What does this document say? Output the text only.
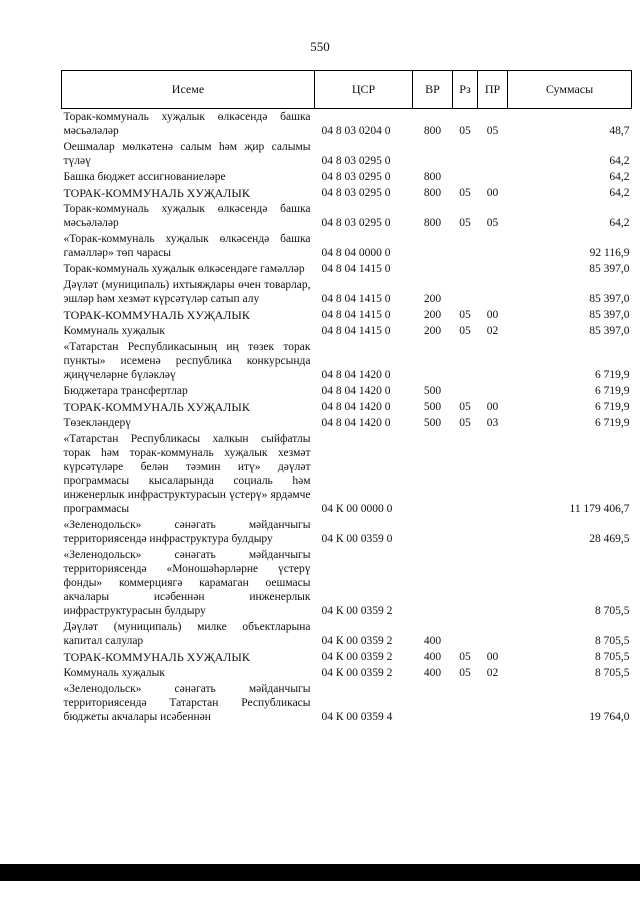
550
Исеме	ЦСР	ВР	Рз	ПР	Суммасы
Торак-коммуналь хуҗалык өлкәсендә башка мәсьәләләр	04 8 03 0204 0	800	05	05	48,7
Оешмалар мөлкәтенә салым һәм җир салымы түләү	04 8 03 0295 0				64,2
Башка бюджет ассигнованиеләре	04 8 03 0295 0	800			64,2
ТОРАК-КОММУНАЛЬ ХУҖАЛЫК	04 8 03 0295 0	800	05	00	64,2
Торак-коммуналь хуҗалык өлкәсендә башка мәсьәләләр	04 8 03 0295 0	800	05	05	64,2
«Торак-коммуналь хуҗалык өлкәсендә башка гамәлләр» төп чарасы	04 8 04 0000 0				92 116,9
Торак-коммуналь хуҗалык өлкәсендәге гамәлләр	04 8 04 1415 0				85 397,0
Дәүләт (муниципаль) ихтыяҗлары өчен товарлар, эшләр һәм хезмәт күрсәтүләр сатып алу	04 8 04 1415 0	200			85 397,0
ТОРАК-КОММУНАЛЬ ХУҖАЛЫК	04 8 04 1415 0	200	05	00	85 397,0
Коммуналь хуҗалык	04 8 04 1415 0	200	05	02	85 397,0
«Татарстан Республикасының иң төзек торак пункты» исеменә республика конкурсында җиңүчеләрне бүләкләү	04 8 04 1420 0				6 719,9
Бюджетара трансфертлар	04 8 04 1420 0	500			6 719,9
ТОРАК-КОММУНАЛЬ ХУҖАЛЫК	04 8 04 1420 0	500	05	00	6 719,9
Төзекләндерү	04 8 04 1420 0	500	05	03	6 719,9
«Татарстан Республикасы халкын сыйфатлы торак һәм торак-коммуналь хуҗалык хезмәт күрсәтүләре белән тәэмин итү» дәүләт программасы кысаларында социаль һәм инженерлык инфраструктурасын үстерү» ярдәмче программасы	04 К 00 0000 0				11 179 406,7
«Зеленодольск» сәнәгать мәйданчыгы территориясендә инфраструктура булдыру	04 К 00 0359 0				28 469,5
«Зеленодольск» сәнәгать мәйданчыгы территориясендә «Моношәһәрләрне үстерү фонды» коммерциягә карамаган оешмасы акчалары исәбеннән инженерлык инфраструктурасын булдыру	04 К 00 0359 2				8 705,5
Дәүләт (муниципаль) милке объектларына капитал салулар	04 К 00 0359 2	400			8 705,5
ТОРАК-КОММУНАЛЬ ХУҖАЛЫК	04 К 00 0359 2	400	05	00	8 705,5
Коммуналь хуҗалык	04 К 00 0359 2	400	05	02	8 705,5
«Зеленодольск» сәнәгать мәйданчыгы территориясендә Татарстан Республикасы бюджеты акчалары исәбеннән	04 К 00 0359 4				19 764,0
